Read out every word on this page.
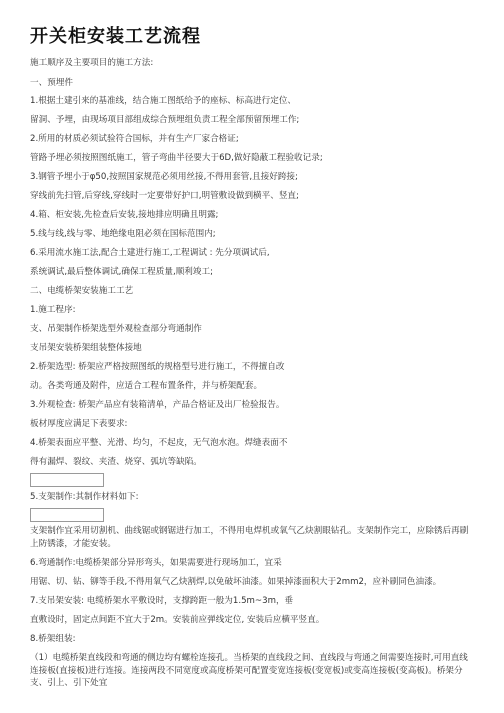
开关柜安装工艺流程
施工顺序及主要项目的施工方法:
一、预埋件
1.根据土建引来的基准线，结合施工图纸给予的座标、标高进行定位、
留洞、予埋，由现场项目部组成综合预埋组负责工程全部预留预埋工作;
2.所用的材质必须试验符合国标，并有生产厂家合格证;
管路予埋必须按照图纸施工，管子弯曲半径要大于6D,做好隐蔽工程验收记录;
3.钢管予埋小于φ50,按照国家规范必须用丝接,不得用套管,且接好跨接;
穿线前先扫管,后穿线,穿线时一定要带好护口,明管敷设做到横平、竖直;
4.箱、柜安装,先检查后安装,接地排应明确且明露;
5.线与线,线与零、地绝缘电阻必须在国标范围内;
6.采用流水施工法,配合土建进行施工,工程调试 : 先分项调试后,
系统调试,最后整体调试,确保工程质量,顺利竣工;
二、电缆桥架安装施工工艺
1.施工程序:
支、吊架制作桥架选型外观检查部分弯通制作
支吊架安装桥架组装整体接地
2.桥架选型: 桥架应严格按照图纸的规格型号进行施工，不得擅自改
动。各类弯通及附件，应适合工程布置条件，并与桥架配套。
3.外观检查: 桥架产品应有装箱清单，产品合格证及出厂检验报告。
板材厚度应满足下表要求:
4.桥架表面应平整、光滑、均匀，不起皮，无气泡水泡。焊缝表面不
得有漏焊、裂纹、夹渣、烧穿、弧坑等缺陷。
5.支架制作:其制作材料如下:
支架制作宜采用切割机、曲线锯或钢锯进行加工，不得用电焊机或氧气乙炔割眼钻孔。支架制作完工，应除锈后再刷上防锈漆，才能安装。
6.弯通制作:电缆桥架部分异形弯头，如果需要进行现场加工，宜采
用锯、切、钻、铆等手段,不得用氧气乙炔割焊,以免破坏油漆。如果掉漆面积大于2mm2，应补刷同色油漆。
7.支吊架安装: 电缆桥架水平敷设时，支撑跨距一般为1.5m~3m，垂
直敷设时，固定点间距不宜大于2m。安装前应弹线定位, 安装后应横平竖直。
8.桥架组装:
（1）电缆桥架直线段和弯通的侧边均有螺栓连接孔。当桥架的直线段之间、直线段与弯通之间需要连接时,可用直线连接板(直接板)进行连接。连接两段不同宽度或高度桥架可配置变宽连接板(变宽板)或变高连接板(变高板)。桥架分支、引上、引下处宜
